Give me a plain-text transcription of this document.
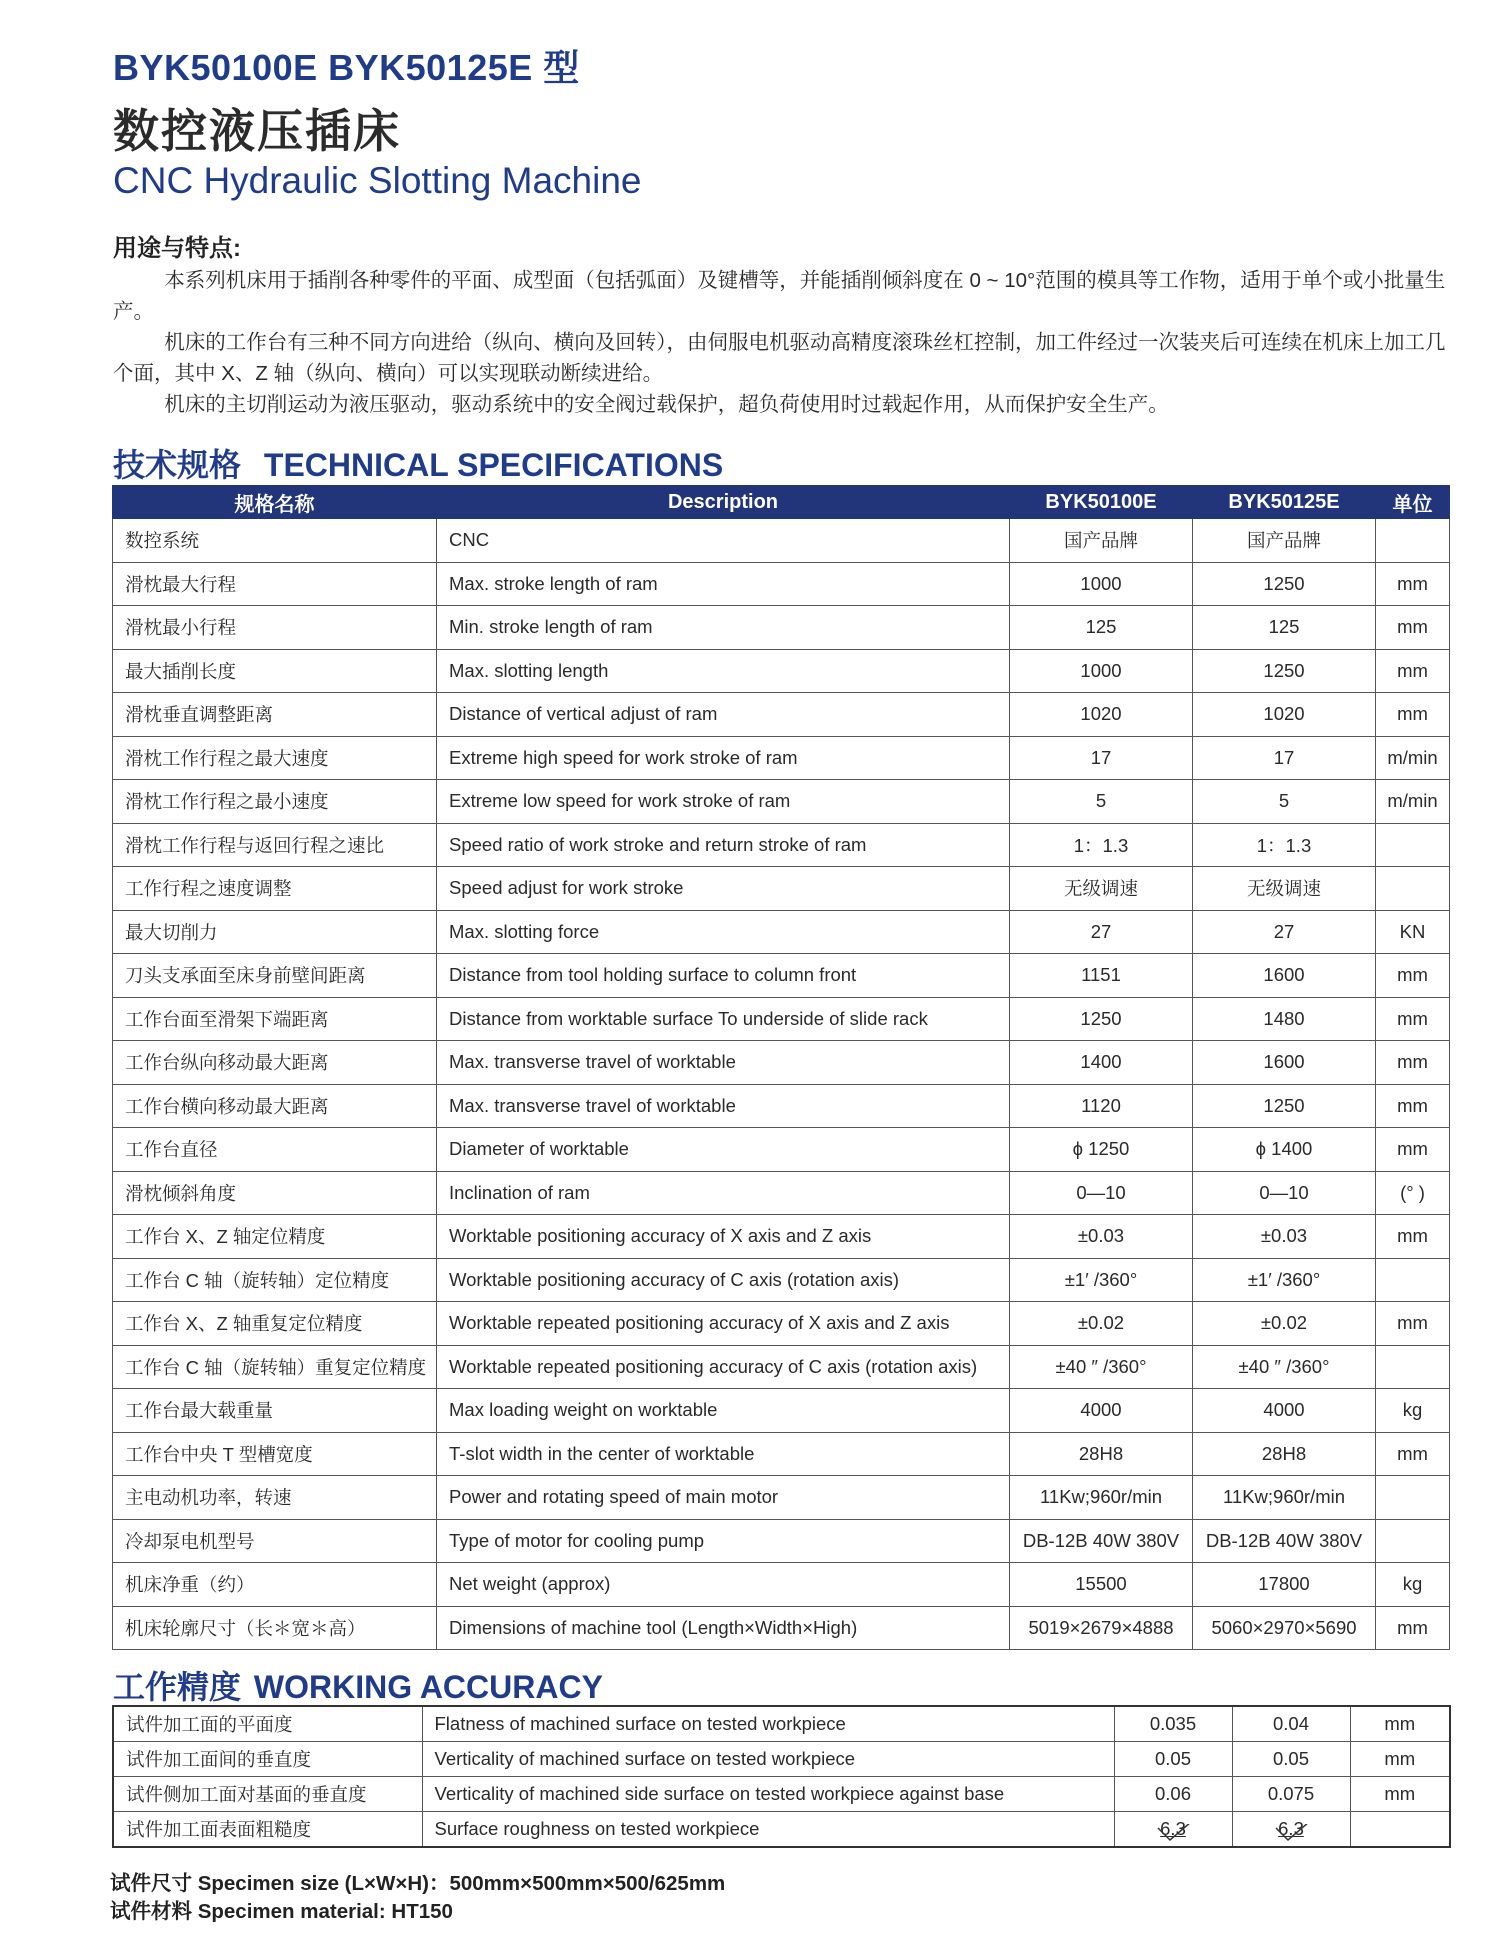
BYK50100E BYK50125E 型
数控液压插床
CNC Hydraulic Slotting Machine
用途与特点:

本系列机床用于插削各种零件的平面、成型面（包括弧面）及键槽等，并能插削倾斜度在 0 ~ 10°范围的模具等工作物，适用于单个或小批量生产。

机床的工作台有三种不同方向进给（纵向、横向及回转），由伺服电机驱动高精度滚珠丝杠控制，加工件经过一次装夹后可连续在机床上加工几个面，其中 X、Z 轴（纵向、横向）可以实现联动断续进给。

机床的主切削运动为液压驱动，驱动系统中的安全阀过载保护，超负荷使用时过载起作用，从而保护安全生产。

技术规格 TECHNICAL SPECIFICATIONS
规格名称	Description	BYK50100E	BYK50125E	单位
数控系统	CNC	国产品牌	国产品牌	
滑枕最大行程	Max. stroke length of ram	1000	1250	mm
滑枕最小行程	Min. stroke length of ram	125	125	mm
最大插削长度	Max. slotting length	1000	1250	mm
滑枕垂直调整距离	Distance of vertical adjust of ram	1020	1020	mm
滑枕工作行程之最大速度	Extreme high speed for work stroke of ram	17	17	m/min
滑枕工作行程之最小速度	Extreme low speed for work stroke of ram	5	5	m/min
滑枕工作行程与返回行程之速比	Speed ratio of work stroke and return stroke of ram	1：1.3	1：1.3	
工作行程之速度调整	Speed adjust for work stroke	无级调速	无级调速	
最大切削力	Max. slotting force	27	27	KN
刀头支承面至床身前壁间距离	Distance from tool holding surface to column front	1151	1600	mm
工作台面至滑架下端距离	Distance from worktable surface To underside of slide rack	1250	1480	mm
工作台纵向移动最大距离	Max. transverse travel of worktable	1400	1600	mm
工作台横向移动最大距离	Max. transverse travel of worktable	1120	1250	mm
工作台直径	Diameter of worktable	ϕ 1250	ϕ 1400	mm
滑枕倾斜角度	Inclination of ram	0—10	0—10	(° )
工作台 X、Z 轴定位精度	Worktable positioning accuracy of X axis and Z axis	±0.03	±0.03	mm
工作台 C 轴（旋转轴）定位精度	Worktable positioning accuracy of C axis (rotation axis)	±1′ /360°	±1′ /360°	
工作台 X、Z 轴重复定位精度	Worktable repeated positioning accuracy of X axis and Z axis	±0.02	±0.02	mm
工作台 C 轴（旋转轴）重复定位精度	Worktable repeated positioning accuracy of C axis (rotation axis)	±40 ″ /360°	±40 ″ /360°	
工作台最大载重量	Max loading weight on worktable	4000	4000	kg
工作台中央 T 型槽宽度	T-slot width in the center of worktable	28H8	28H8	mm
主电动机功率，转速	Power and rotating speed of main motor	11Kw;960r/min	11Kw;960r/min	
冷却泵电机型号	Type of motor for cooling pump	DB-12B 40W 380V	DB-12B 40W 380V	
机床净重（约）	Net weight (approx)	15500	17800	kg
机床轮廓尺寸（长＊宽＊高）	Dimensions of machine tool (Length×Width×High)	5019×2679×4888	5060×2970×5690	mm
工作精度 WORKING ACCURACY
试件加工面的平面度	Flatness of machined surface on tested workpiece	0.035	0.04	mm
试件加工面间的垂直度	Verticality of machined surface on tested workpiece	0.05	0.05	mm
试件侧加工面对基面的垂直度	Verticality of machined side surface on tested workpiece against base	0.06	0.075	mm
试件加工面表面粗糙度	Surface roughness on tested workpiece	6.3	6.3

试件尺寸 Specimen size (L×W×H)：500mm×500mm×500/625mm
试件材料 Specimen material: HT150
